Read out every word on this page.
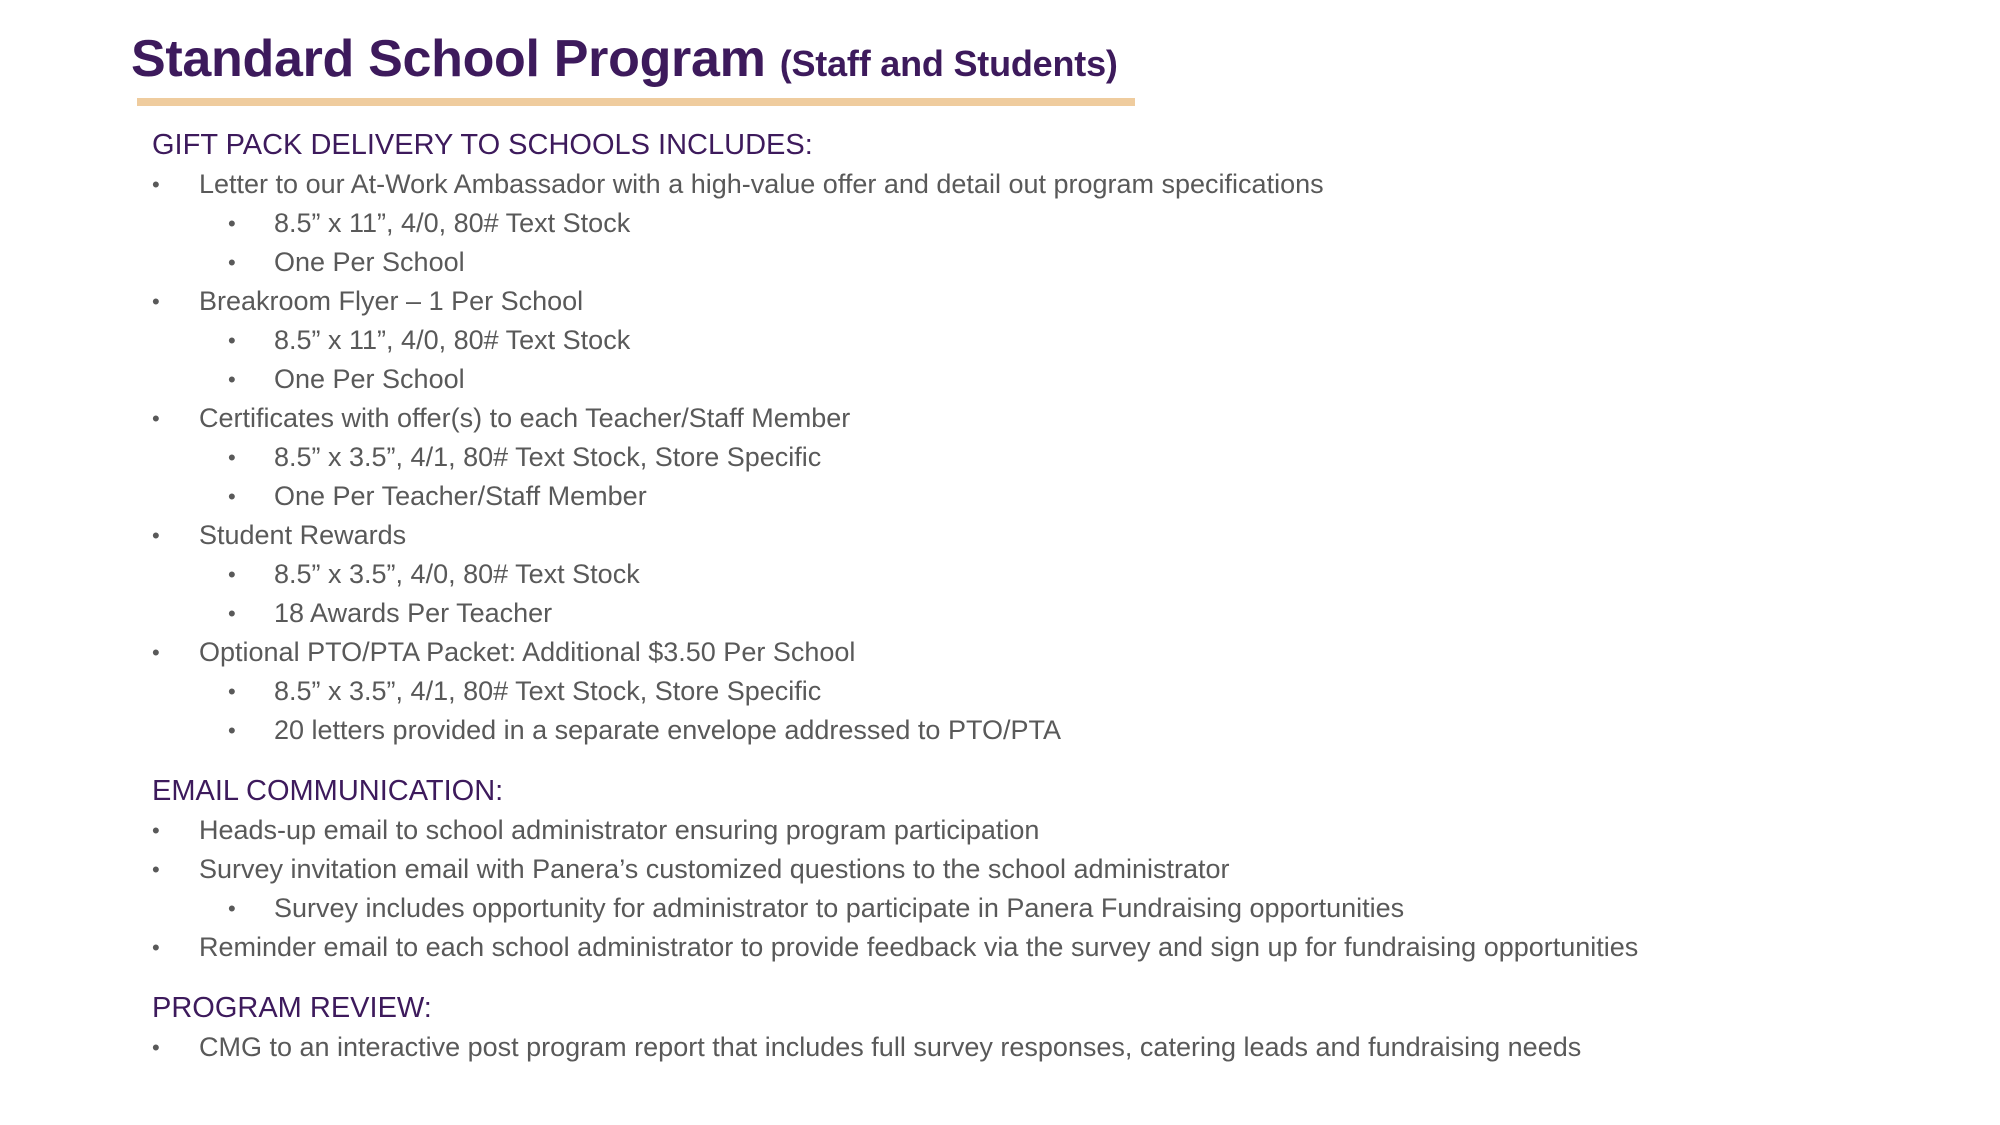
Standard School Program (Staff and Students)
GIFT PACK DELIVERY TO SCHOOLS INCLUDES:
• Letter to our At-Work Ambassador with a high-value offer and detail out program specifications
• 8.5” x 11”, 4/0, 80# Text Stock
• One Per School
• Breakroom Flyer – 1 Per School
• 8.5” x 11”, 4/0, 80# Text Stock
• One Per School
• Certificates with offer(s) to each Teacher/Staff Member
• 8.5” x 3.5”, 4/1, 80# Text Stock, Store Specific
• One Per Teacher/Staff Member
• Student Rewards
• 8.5” x 3.5”, 4/0, 80# Text Stock
• 18 Awards Per Teacher
• Optional PTO/PTA Packet: Additional $3.50 Per School
• 8.5” x 3.5”, 4/1, 80# Text Stock, Store Specific
• 20 letters provided in a separate envelope addressed to PTO/PTA
EMAIL COMMUNICATION:
• Heads-up email to school administrator ensuring program participation
• Survey invitation email with Panera’s customized questions to the school administrator
• Survey includes opportunity for administrator to participate in Panera Fundraising opportunities
• Reminder email to each school administrator to provide feedback via the survey and sign up for fundraising opportunities
PROGRAM REVIEW:
• CMG to an interactive post program report that includes full survey responses, catering leads and fundraising needs
